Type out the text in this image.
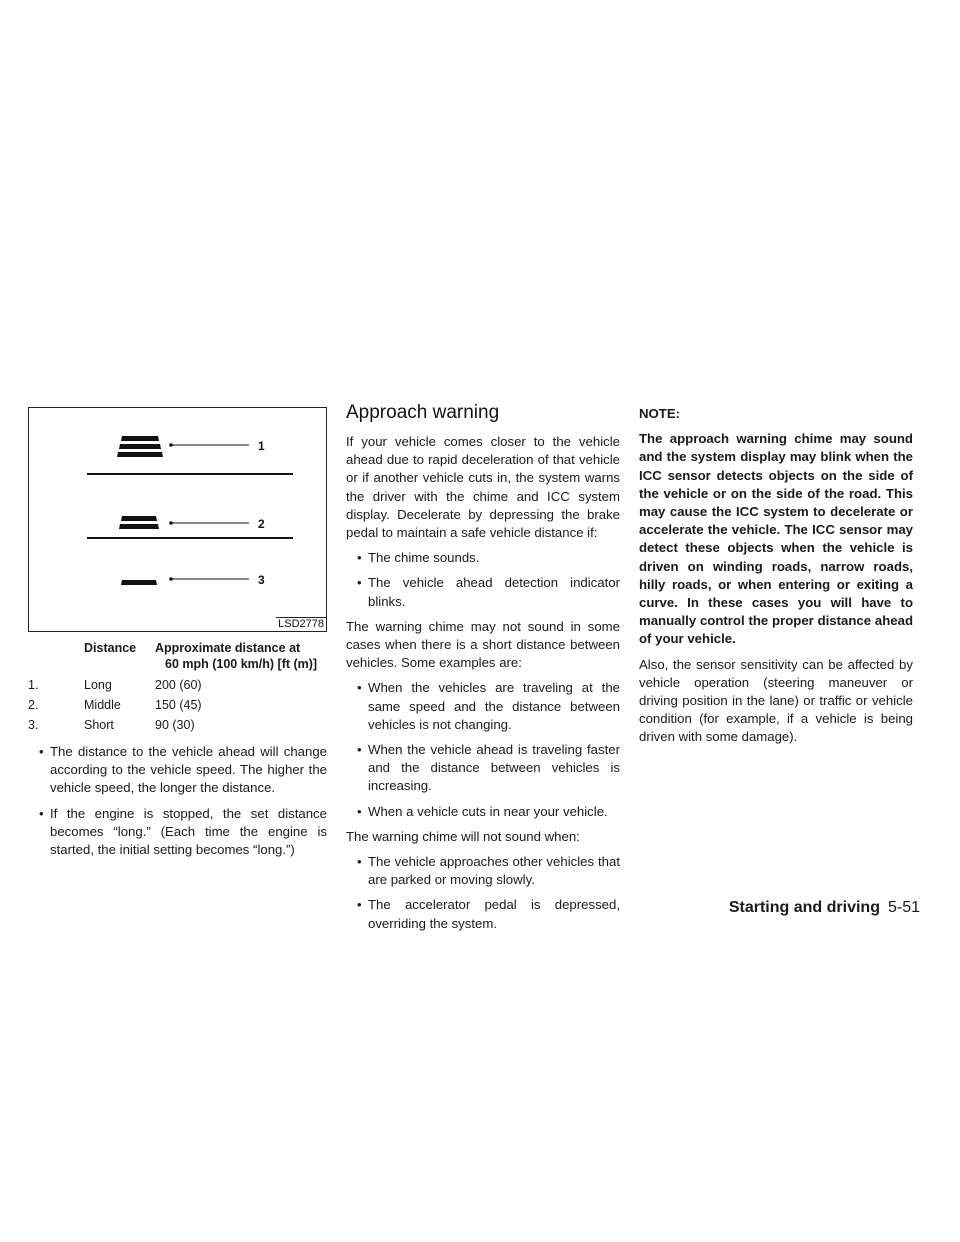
1
2
3
LSD2778
Distance Approximate distance at
60 mph (100 km/h) [ft (m)]
1.	Long	200 (60)
2.	Middle	150 (45)
3.	Short	90 (30)
• The distance to the vehicle ahead will change according to the vehicle speed. The higher the vehicle speed, the longer the distance.
• If the engine is stopped, the set distance becomes “long.” (Each time the engine is started, the initial setting becomes “long.”)
Approach warning

If your vehicle comes closer to the vehicle ahead due to rapid deceleration of that vehicle or if another vehicle cuts in, the system warns the driver with the chime and ICC system display. Decelerate by depressing the brake pedal to maintain a safe vehicle distance if:

• The chime sounds.
• The vehicle ahead detection indicator blinks.

The warning chime may not sound in some cases when there is a short distance between vehicles. Some examples are:

• When the vehicles are traveling at the same speed and the distance between vehicles is not changing.
• When the vehicle ahead is traveling faster and the distance between vehicles is increasing.
• When a vehicle cuts in near your vehicle.

The warning chime will not sound when:

• The vehicle approaches other vehicles that are parked or moving slowly.
• The accelerator pedal is depressed, overriding the system.

NOTE:

The approach warning chime may sound and the system display may blink when the ICC sensor detects objects on the side of the vehicle or on the side of the road. This may cause the ICC system to decelerate or accelerate the vehicle. The ICC sensor may detect these objects when the vehicle is driven on winding roads, narrow roads, hilly roads, or when entering or exiting a curve. In these cases you will have to manually control the proper distance ahead of your vehicle.

Also, the sensor sensitivity can be affected by vehicle operation (steering maneuver or driving position in the lane) or traffic or vehicle condition (for example, if a vehicle is being driven with some damage).

Starting and driving 5-51
